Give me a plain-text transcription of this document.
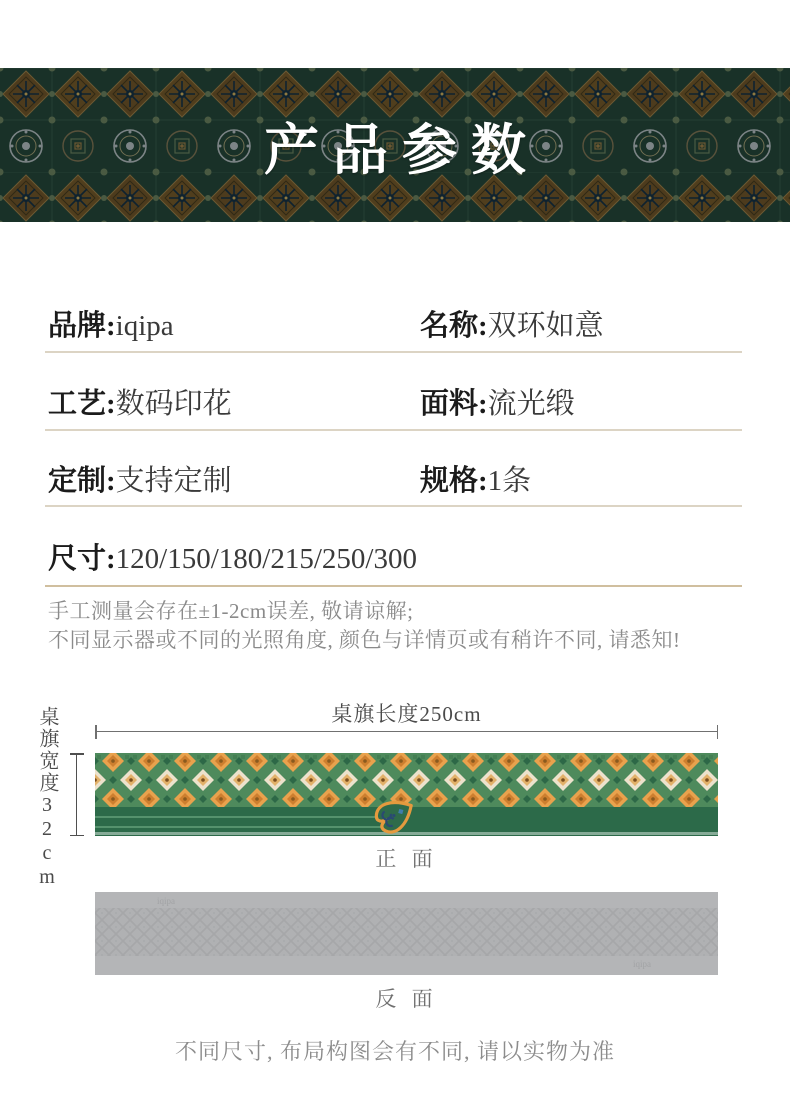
产品参数
品牌:iqipa	名称:双环如意
工艺:数码印花	面料:流光缎
定制:支持定制	规格:1条
尺寸:120/150/180/215/250/300
手工测量会存在±1-2cm误差, 敬请谅解;
不同显示器或不同的光照角度, 颜色与详情页或有稍许不同, 请悉知!
桌旗长度250cm
桌旗宽度32cm	正 面
iqipa
iqipa
反 面
不同尺寸, 布局构图会有不同, 请以实物为准
